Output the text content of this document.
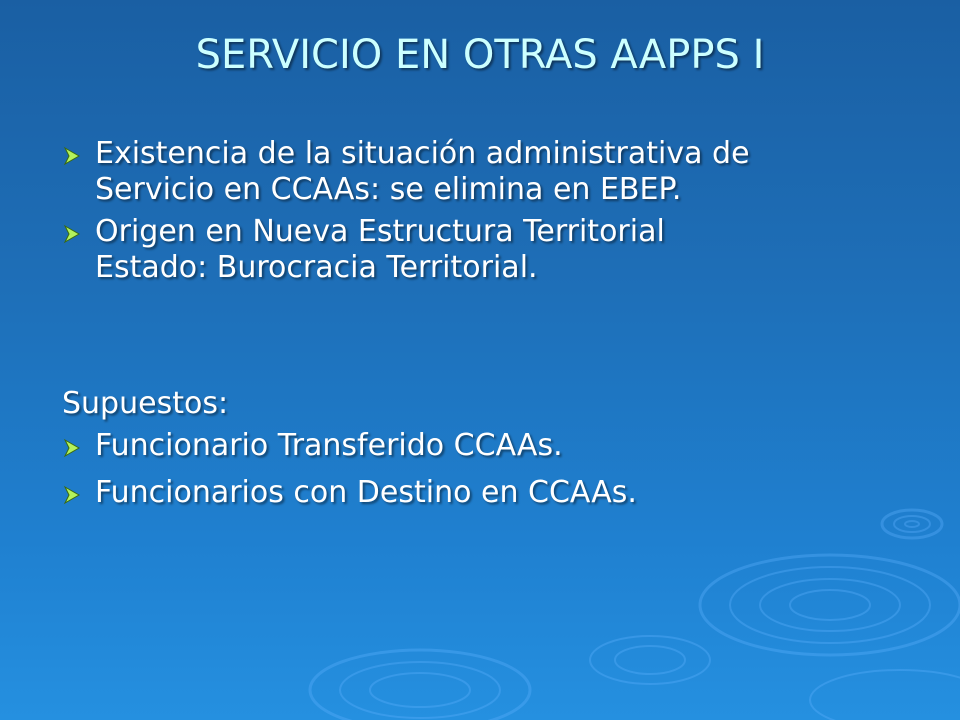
SERVICIO EN OTRAS AAPPS I
Existencia de la situación administrativa de
Servicio en CCAAs: se elimina en EBEP.
Origen en Nueva Estructura Territorial
Estado: Burocracia Territorial.
Supuestos:
Funcionario Transferido CCAAs.
Funcionarios con Destino en CCAAs.
